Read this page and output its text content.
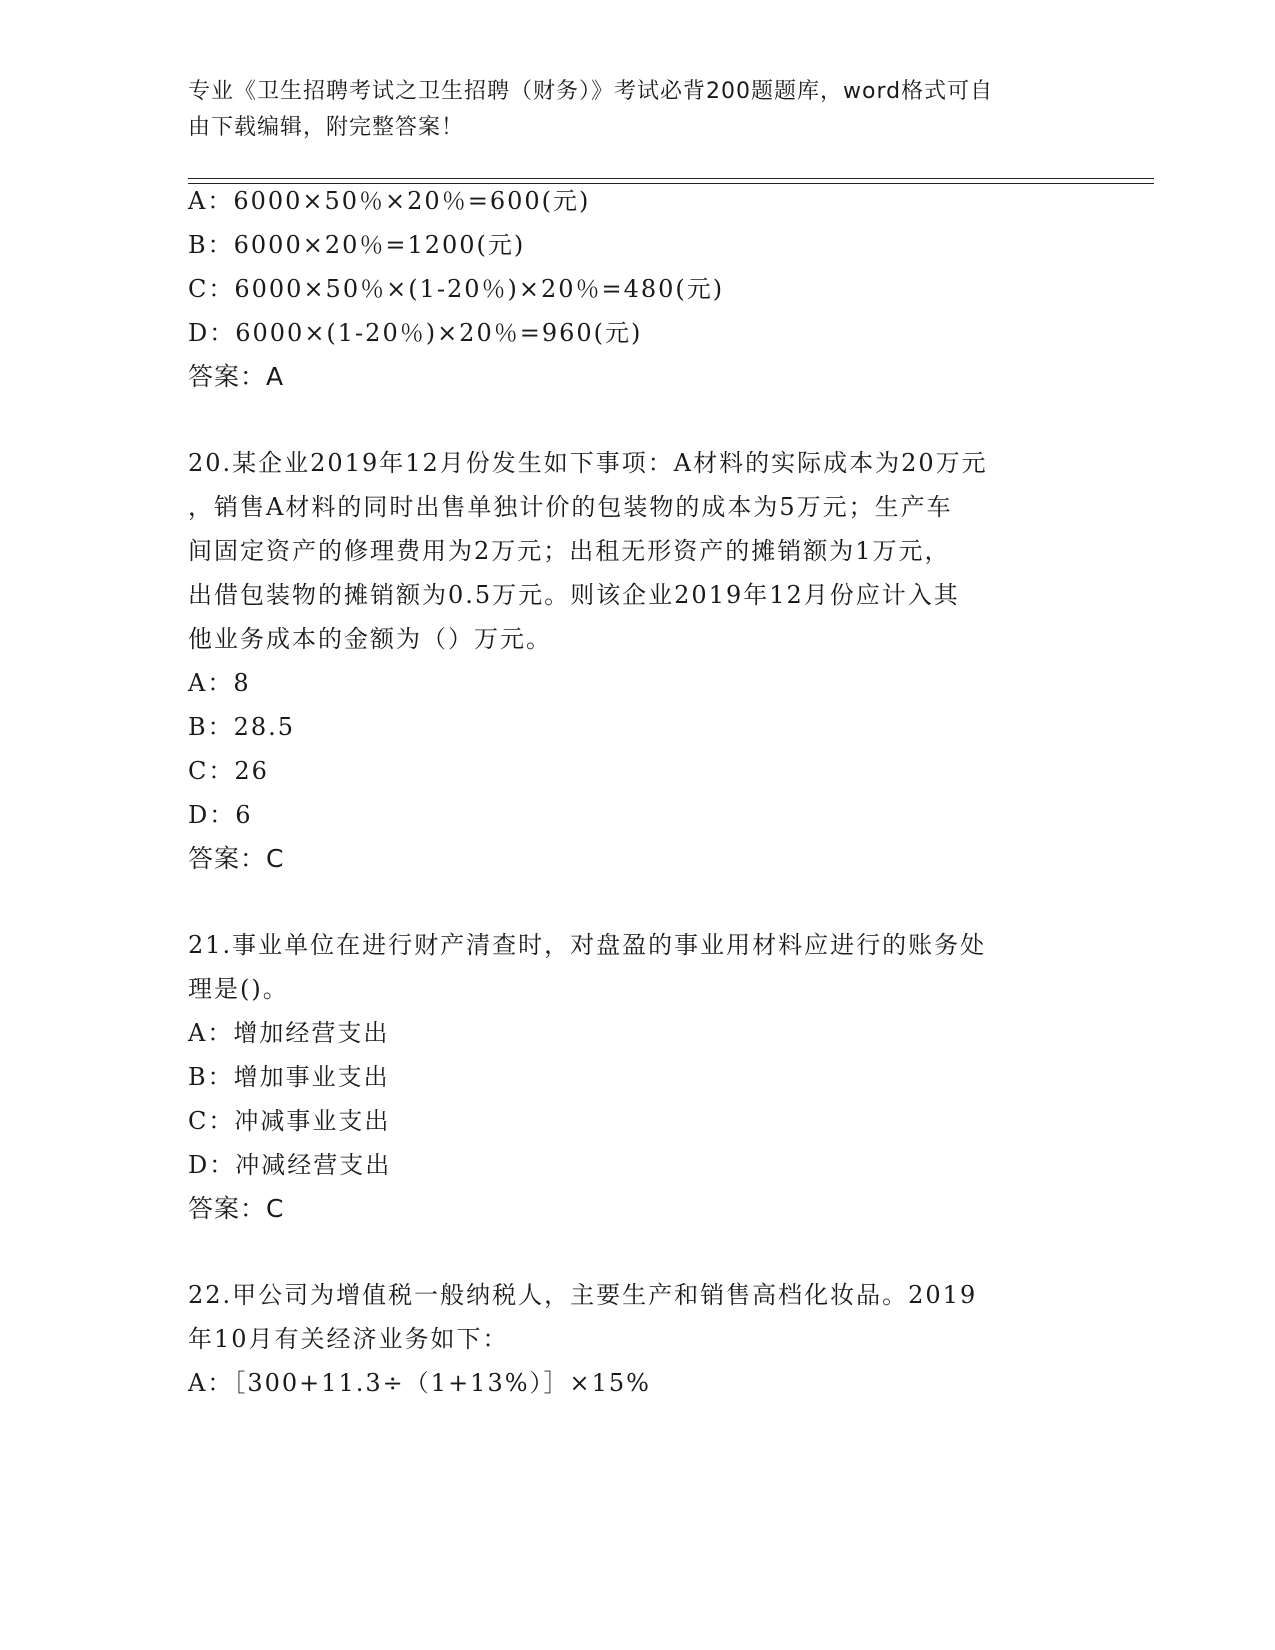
专业《卫生招聘考试之卫生招聘（财务）》考试必背200题题库，word格式可自
由下载编辑，附完整答案！
A：6000×50％×20％=600(元)
B：6000×20％=1200(元)
C：6000×50％×(1-20％)×20％=480(元)
D：6000×(1-20％)×20％=960(元)
答案：A
20.某企业2019年12月份发生如下事项：A材料的实际成本为20万元
，销售A材料的同时出售单独计价的包装物的成本为5万元；生产车
间固定资产的修理费用为2万元；出租无形资产的摊销额为1万元，
出借包装物的摊销额为0.5万元。则该企业2019年12月份应计入其
他业务成本的金额为（）万元。
A：8
B：28.5
C：26
D：6
答案：C
21.事业单位在进行财产清查时，对盘盈的事业用材料应进行的账务处
理是()。
A：增加经营支出
B：增加事业支出
C：冲减事业支出
D：冲减经营支出
答案：C
22.甲公司为增值税一般纳税人，主要生产和销售高档化妆品。2019
年10月有关经济业务如下：
A：［300+11.3÷（1+13%）］×15%
